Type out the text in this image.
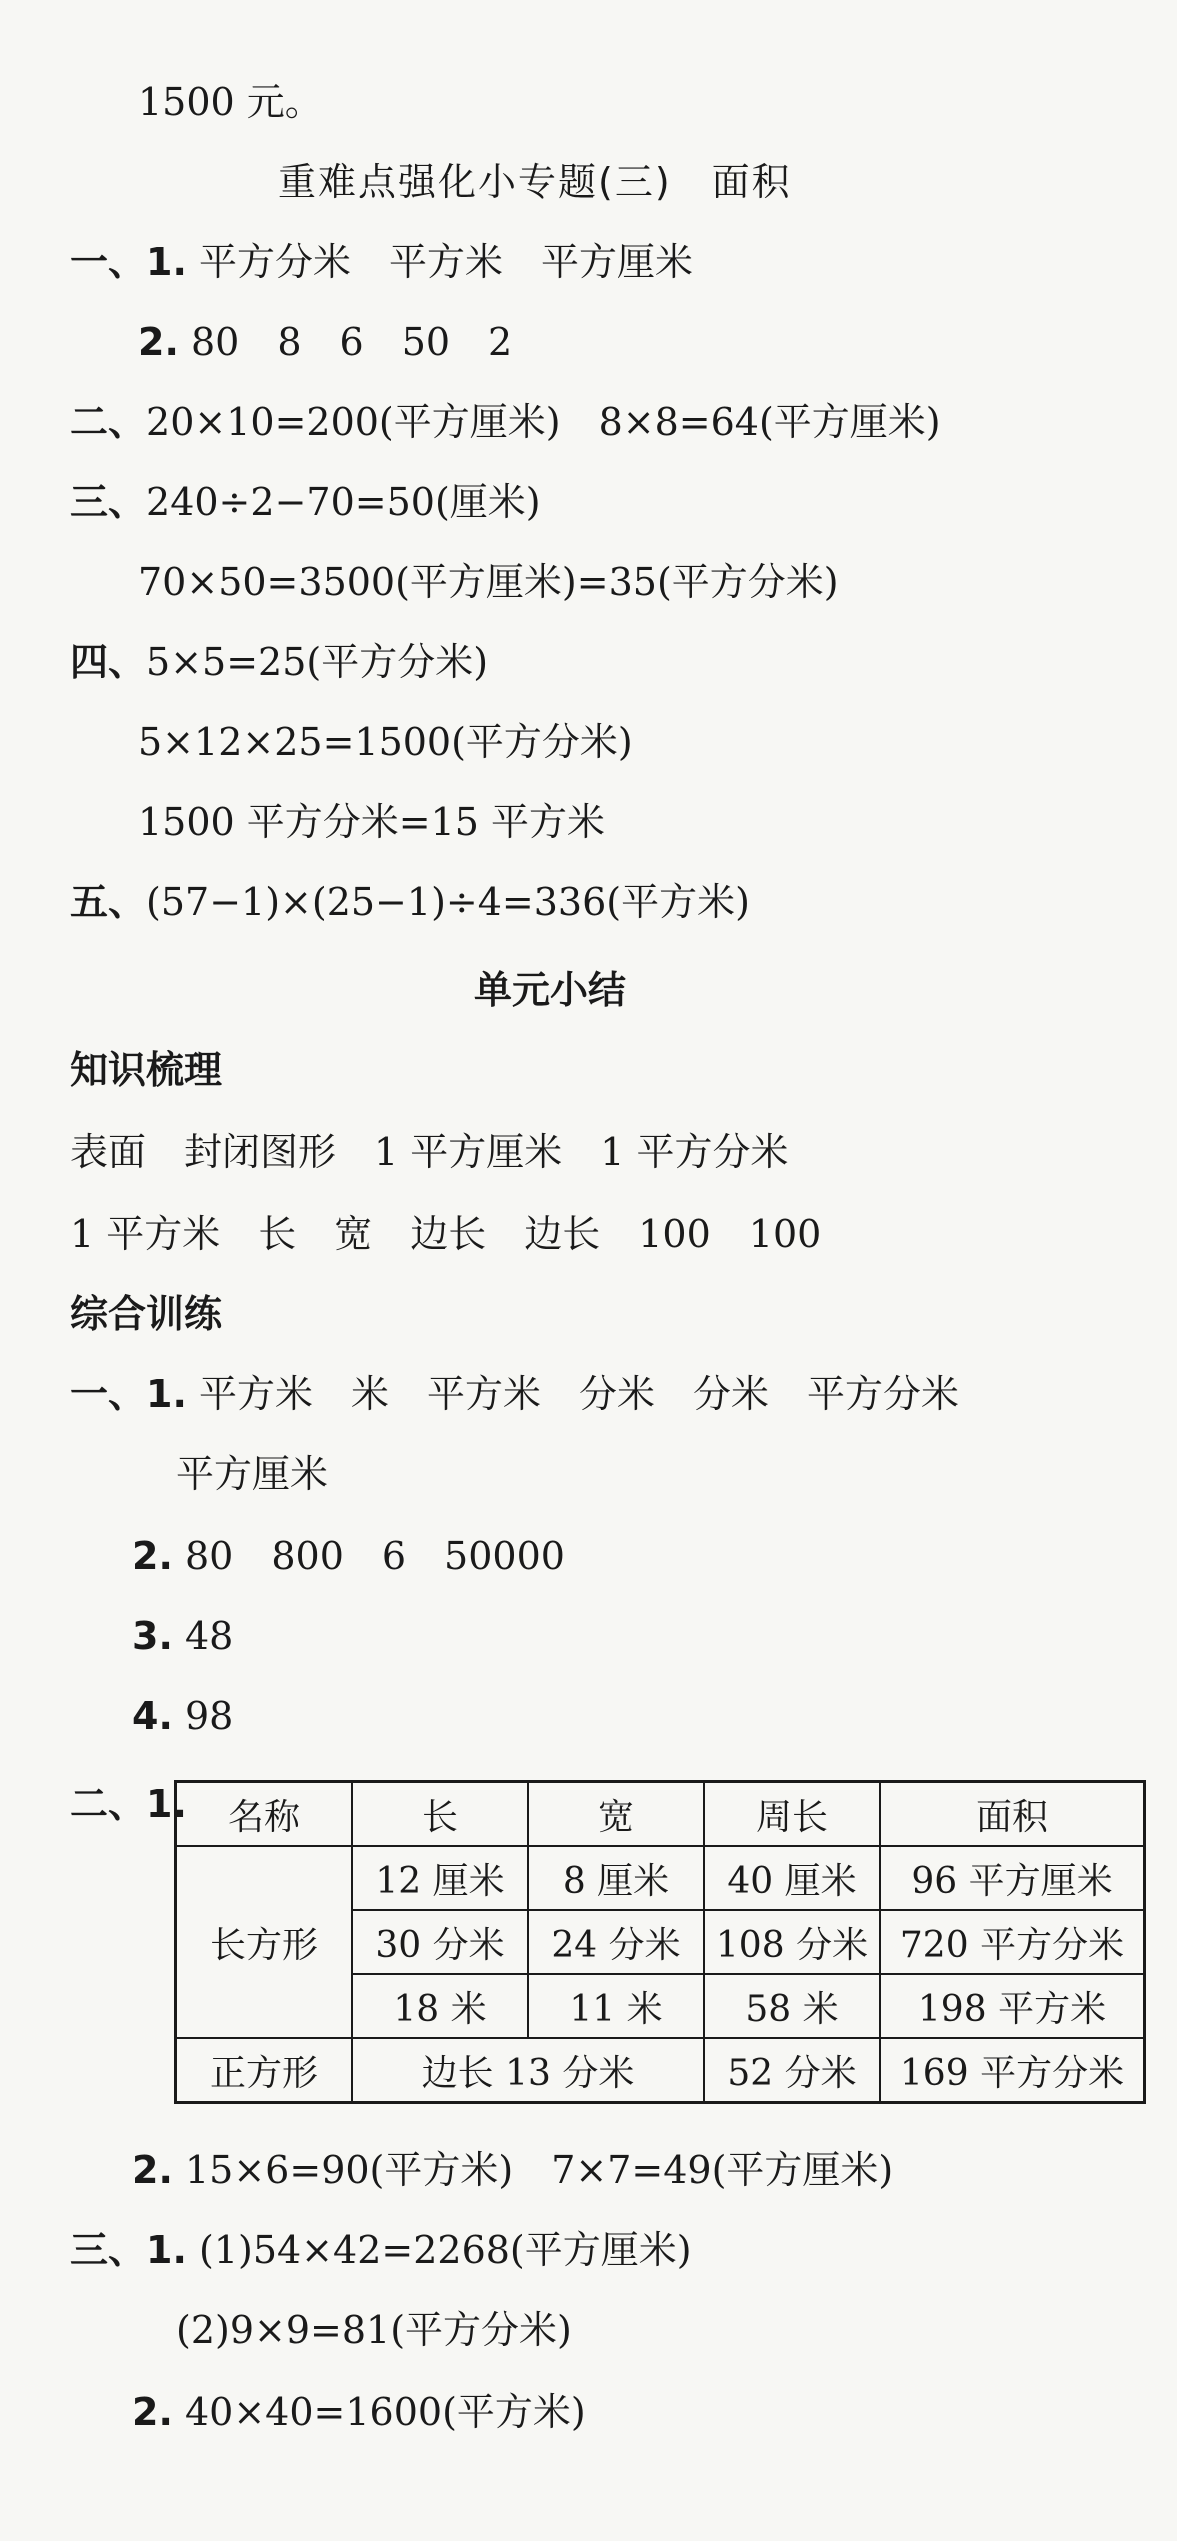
1500 元。
重难点强化小专题(三)　面积
一、1. 平方分米　平方米　平方厘米
2. 80　8　6　50　2
二、20×10=200(平方厘米)　8×8=64(平方厘米)
三、240÷2−70=50(厘米)
70×50=3500(平方厘米)=35(平方分米)
四、5×5=25(平方分米)
5×12×25=1500(平方分米)
1500 平方分米=15 平方米
五、(57−1)×(25−1)÷4=336(平方米)
单元小结
知识梳理
表面　封闭图形　1 平方厘米　1 平方分米
1 平方米　长　宽　边长　边长　100　100
综合训练
一、1. 平方米　米　平方米　分米　分米　平方分米
平方厘米
2. 80　800　6　50000
3. 48
4. 98
二、1. 名称	长	宽	周长	面积
长方形	12 厘米	8 厘米	40 厘米	96 平方厘米
	30 分米	24 分米	108 分米	720 平方分米
	18 米	11 米	58 米	198 平方米
正方形	边长 13 分米		52 分米	169 平方分米
2. 15×6=90(平方米)　7×7=49(平方厘米)
三、1. (1)54×42=2268(平方厘米)
(2)9×9=81(平方分米)
2. 40×40=1600(平方米)
